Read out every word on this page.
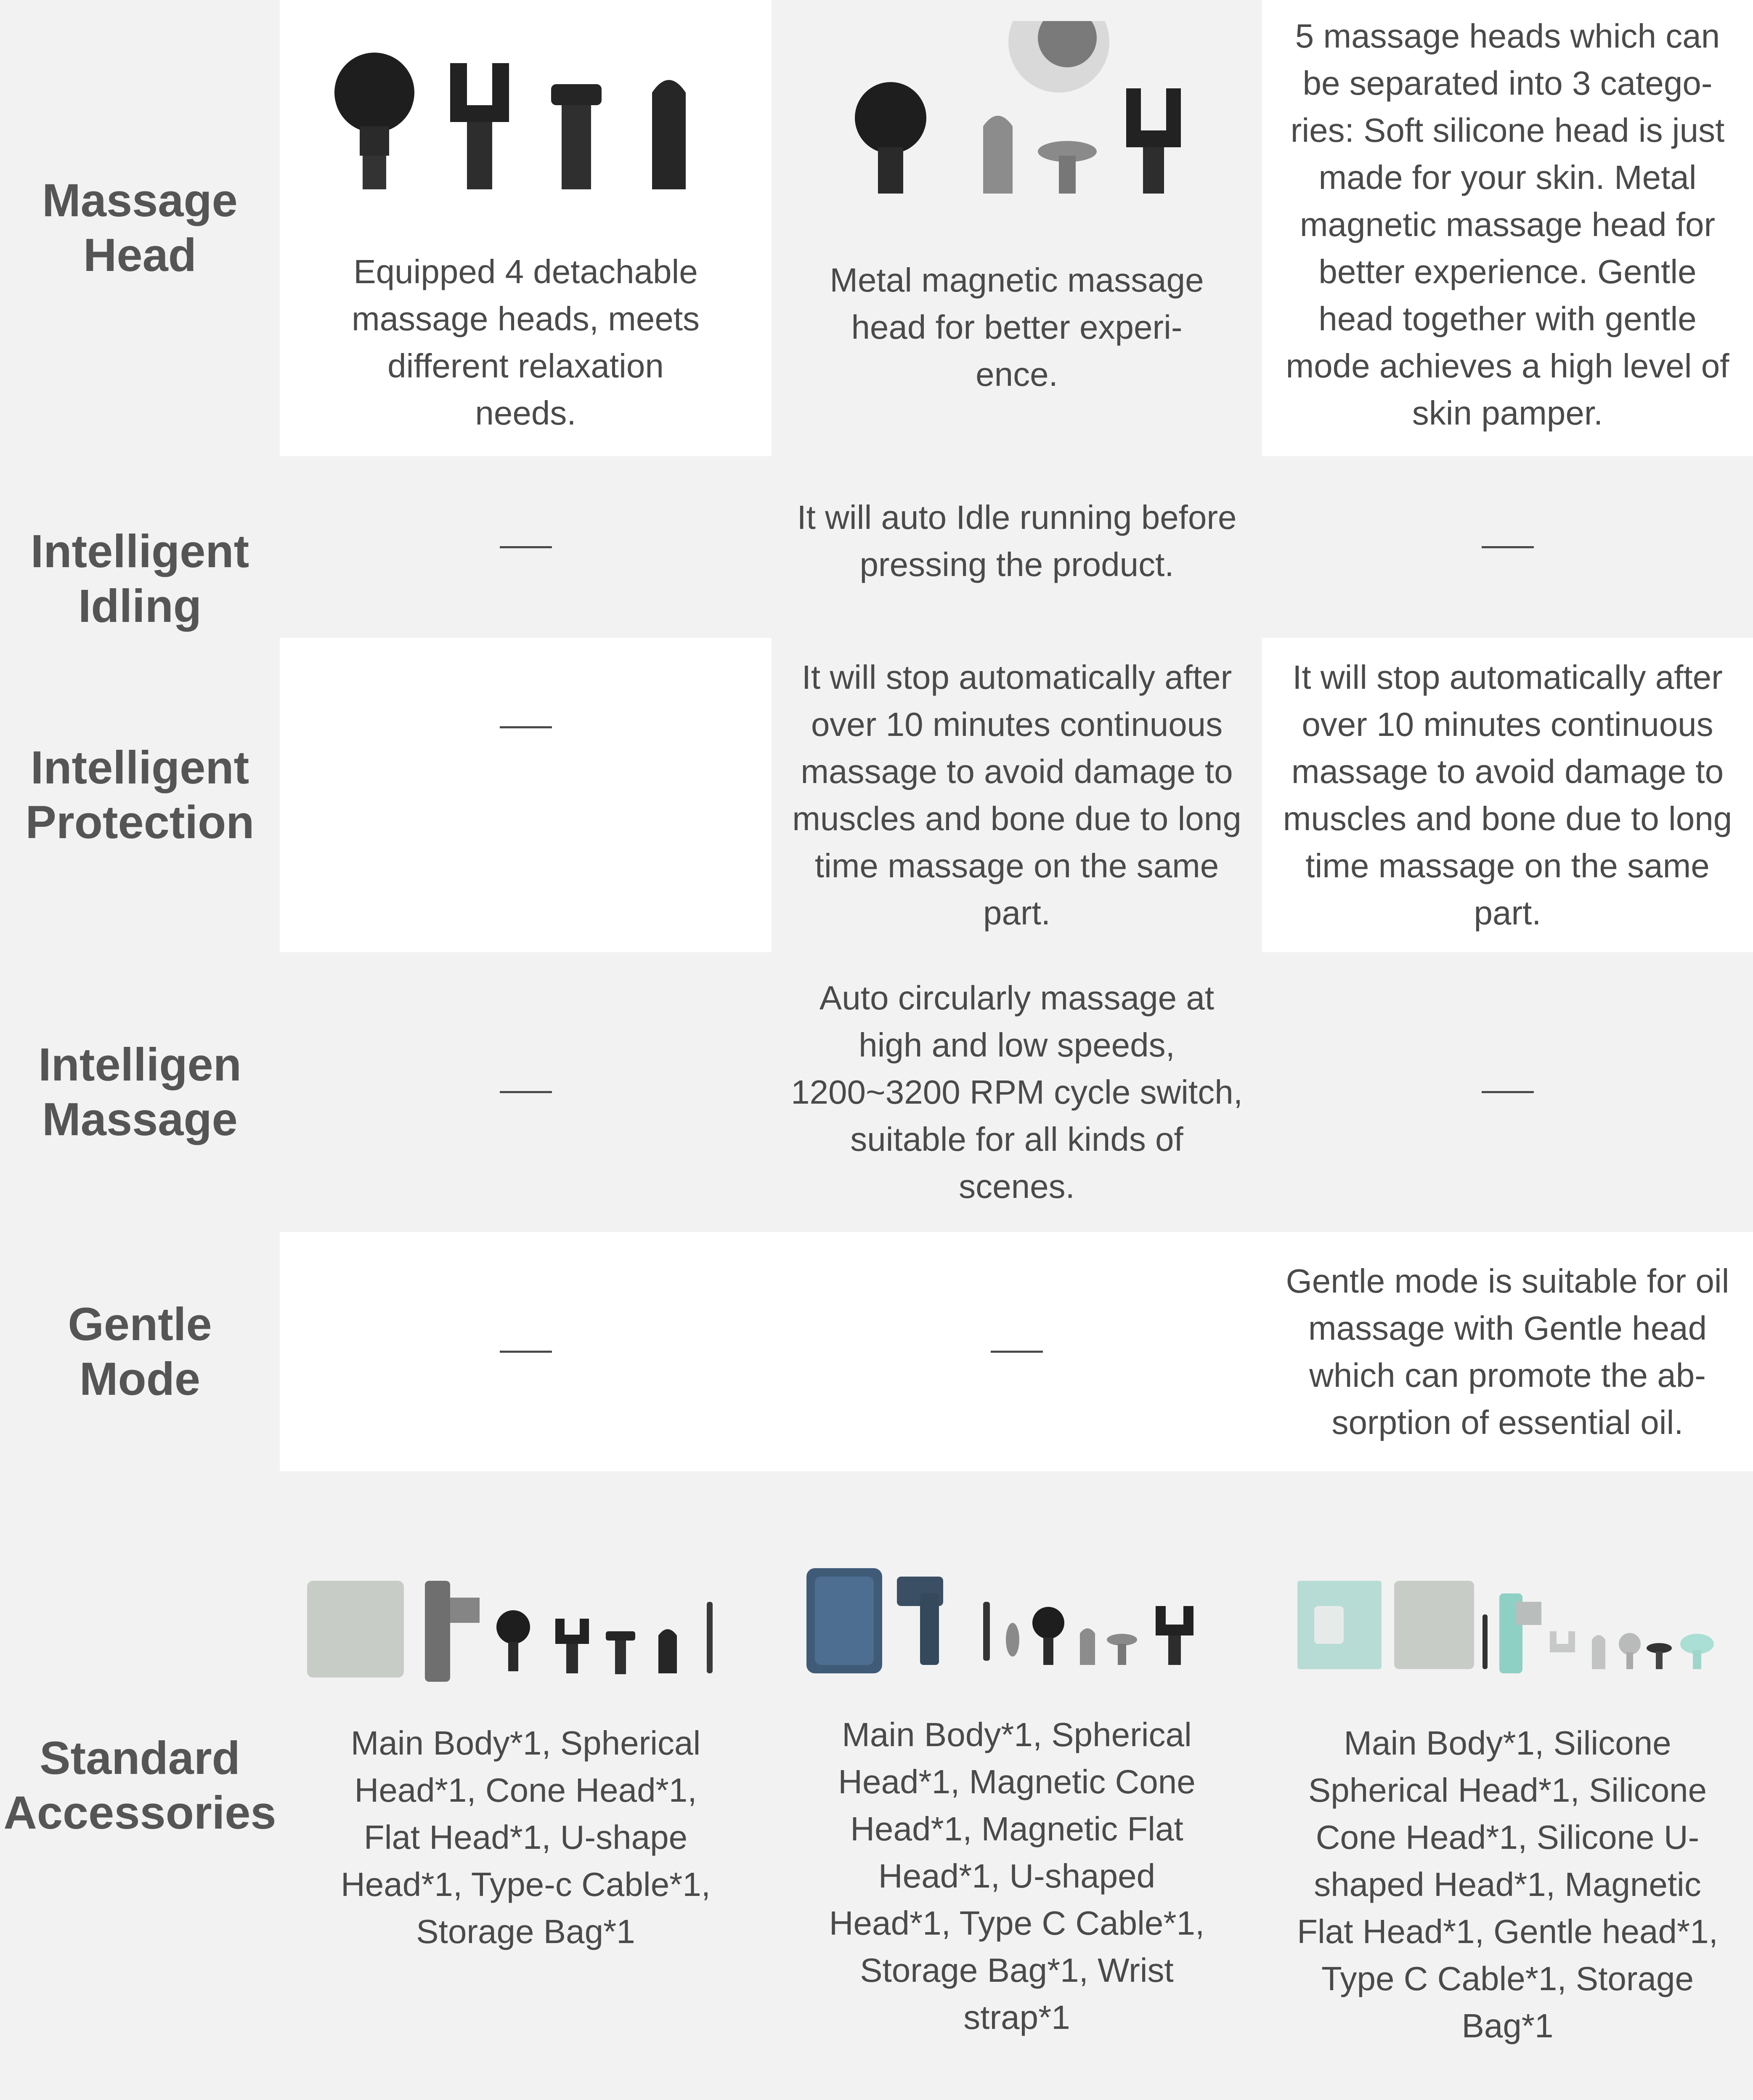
Massage Head	Equipped 4 detachable massage heads, meets different relaxation needs.
Metal magnetic massage head for better experi- ence.
5 massage heads which can be separated into 3 catego- ries: Soft silicone head is just made for your skin. Metal magnetic massage head for better experience. Gentle head together with gentle mode achieves a high level of skin pamper.
Intelligent Idling
It will auto Idle running before pressing the product.
Intelligent Protection
It will stop automatically after over 10 minutes continuous massage to avoid damage to muscles and bone due to long time massage on the same part.
It will stop automatically after over 10 minutes continuous massage to avoid damage to muscles and bone due to long time massage on the same part.
Intelligen Massage
Auto circularly massage at high and low speeds, 1200~3200 RPM cycle switch, suitable for all kinds of scenes.
Gentle Mode
Gentle mode is suitable for oil massage with Gentle head which can promote the ab- sorption of essential oil.
Standard Accessories
Main Body*1, Spherical Head*1, Cone Head*1, Flat Head*1, U-shape Head*1, Type-c Cable*1, Storage Bag*1
Main Body*1, Spherical Head*1, Magnetic Cone Head*1, Magnetic Flat Head*1, U-shaped Head*1, Type C Cable*1, Storage Bag*1, Wrist strap*1
Main Body*1, Silicone Spherical Head*1, Silicone Cone Head*1, Silicone U-shaped Head*1, Magnetic Flat Head*1, Gentle head*1, Type C Cable*1, Storage Bag*1
